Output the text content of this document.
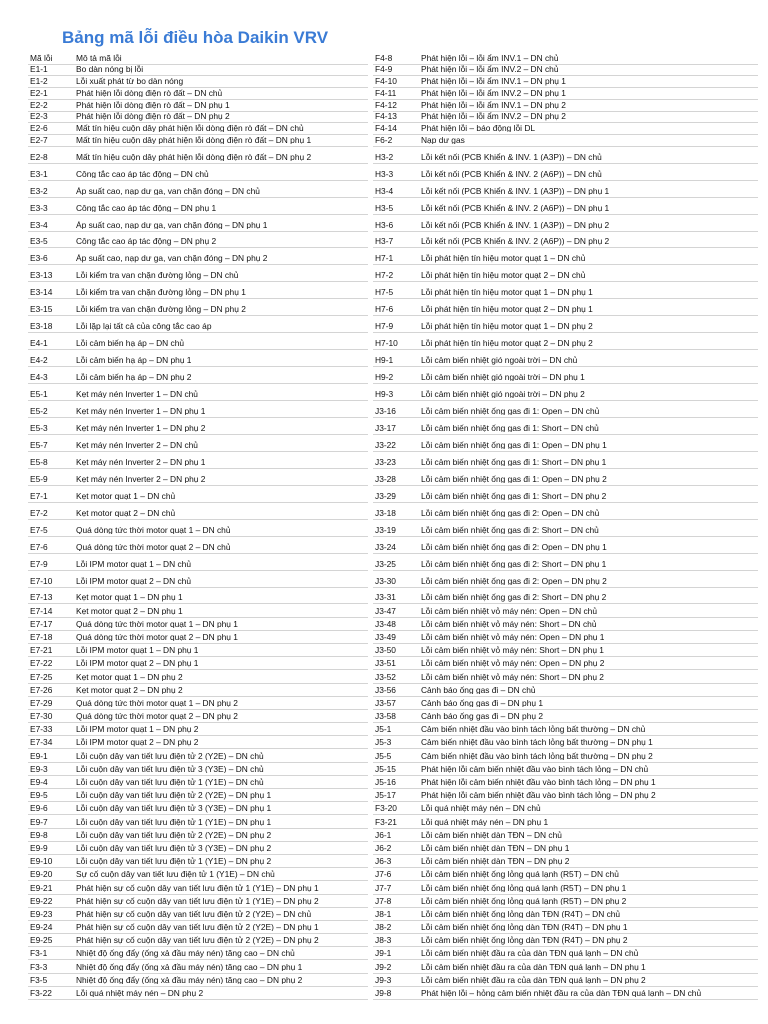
Bảng mã lỗi điều hòa Daikin VRV
Mã lỗi	Mô tả mã lỗi	F4-8	Phát hiện lỗi – lỗi ẩm INV.1 – DN chủ
E1-1	Bo dàn nóng bị lỗi	F4-9	Phát hiện lỗi – lỗi ẩm INV.2 – DN chủ
E1-2	Lỗi xuất phát từ bo dàn nóng	F4-10	Phát hiện lỗi – lỗi ẩm INV.1 – DN phụ 1
E2-1	Phát hiện lỗi dòng điện rò đất – DN chủ	F4-11	Phát hiện lỗi – lỗi ẩm INV.2 – DN phụ 1
E2-2	Phát hiện lỗi dòng điện rò đất – DN phụ 1	F4-12	Phát hiện lỗi – lỗi ẩm INV.1 – DN phụ 2
E2-3	Phát hiện lỗi dòng điện rò đất – DN phụ 2	F4-13	Phát hiện lỗi – lỗi ẩm INV.2 – DN phụ 2
E2-6	Mất tín hiệu cuộn dây phát hiện lỗi dòng điện rò đất – DN chủ	F4-14	Phát hiện lỗi – báo động lỗi DL
E2-7	Mất tín hiệu cuộn dây phát hiện lỗi dòng điện rò đất – DN phụ 1	F6-2	Nạp dư gas
E2-8	Mất tín hiệu cuộn dây phát hiện lỗi dòng điện rò đất – DN phụ 2	H3-2	Lỗi kết nối (PCB Khiển & INV. 1 (A3P)) – DN chủ
E3-1	Công tắc cao áp tác động – DN chủ	H3-3	Lỗi kết nối (PCB Khiển & INV. 2 (A6P)) – DN chủ
E3-2	Áp suất cao, nạp dư ga, van chặn đóng – DN chủ	H3-4	Lỗi kết nối (PCB Khiển & INV. 1 (A3P)) – DN phụ 1
E3-3	Công tắc cao áp tác động – DN phụ 1	H3-5	Lỗi kết nối (PCB Khiển & INV. 2 (A6P)) – DN phụ 1
E3-4	Áp suất cao, nạp dư ga, van chặn đóng – DN phụ 1	H3-6	Lỗi kết nối (PCB Khiển & INV. 1 (A3P)) – DN phụ 2
E3-5	Công tắc cao áp tác động – DN phụ 2	H3-7	Lỗi kết nối (PCB Khiển & INV. 2 (A6P)) – DN phụ 2
E3-6	Áp suất cao, nạp dư ga, van chặn đóng – DN phụ 2	H7-1	Lỗi phát hiện tín hiệu motor quạt 1 – DN chủ
E3-13	Lỗi kiểm tra van chặn đường lỏng – DN chủ	H7-2	Lỗi phát hiện tín hiệu motor quạt 2 – DN chủ
E3-14	Lỗi kiểm tra van chặn đường lỏng – DN phụ 1	H7-5	Lỗi phát hiện tín hiệu motor quạt 1 – DN phụ 1
E3-15	Lỗi kiểm tra van chặn đường lỏng – DN phụ 2	H7-6	Lỗi phát hiện tín hiệu motor quạt 2 – DN phụ 1
E3-18	Lỗi lặp lại tất cả của công tắc cao áp	H7-9	Lỗi phát hiện tín hiệu motor quạt 1 – DN phụ 2
E4-1	Lỗi cảm biến hạ áp – DN chủ	H7-10	Lỗi phát hiện tín hiệu motor quạt 2 – DN phụ 2
E4-2	Lỗi cảm biến hạ áp – DN phụ 1	H9-1	Lỗi cảm biến nhiệt gió ngoài trời – DN chủ
E4-3	Lỗi cảm biến hạ áp – DN phụ 2	H9-2	Lỗi cảm biến nhiệt gió ngoài trời – DN phụ 1
E5-1	Kẹt máy nén Inverter 1 – DN chủ	H9-3	Lỗi cảm biến nhiệt gió ngoài trời – DN phụ 2
E5-2	Kẹt máy nén Inverter 1 – DN phụ 1	J3-16	Lỗi cảm biến nhiệt ống gas đi 1: Open – DN chủ
E5-3	Kẹt máy nén Inverter 1 – DN phụ 2	J3-17	Lỗi cảm biến nhiệt ống gas đi 1: Short – DN chủ
E5-7	Kẹt máy nén Inverter 2 – DN chủ	J3-22	Lỗi cảm biến nhiệt ống gas đi 1: Open – DN phụ 1
E5-8	Kẹt máy nén Inverter 2 – DN phụ 1	J3-23	Lỗi cảm biến nhiệt ống gas đi 1: Short – DN phụ 1
E5-9	Kẹt máy nén Inverter 2 – DN phụ 2	J3-28	Lỗi cảm biến nhiệt ống gas đi 1: Open – DN phụ 2
E7-1	Kẹt motor quạt 1 – DN chủ	J3-29	Lỗi cảm biến nhiệt ống gas đi 1: Short – DN phụ 2
E7-2	Kẹt motor quạt 2 – DN chủ	J3-18	Lỗi cảm biến nhiệt ống gas đi 2: Open – DN chủ
E7-5	Quá dòng tức thời motor quạt 1 – DN chủ	J3-19	Lỗi cảm biến nhiệt ống gas đi 2: Short – DN chủ
E7-6	Quá dòng tức thời motor quạt 2 – DN chủ	J3-24	Lỗi cảm biến nhiệt ống gas đi 2: Open – DN phụ 1
E7-9	Lỗi IPM motor quạt 1 – DN chủ	J3-25	Lỗi cảm biến nhiệt ống gas đi 2: Short – DN phụ 1
E7-10	Lỗi IPM motor quạt 2 – DN chủ	J3-30	Lỗi cảm biến nhiệt ống gas đi 2: Open – DN phụ 2
E7-13	Kẹt motor quạt 1 – DN phụ 1	J3-31	Lỗi cảm biến nhiệt ống gas đi 2: Short – DN phụ 2
E7-14	Kẹt motor quạt 2 – DN phụ 1	J3-47	Lỗi cảm biến nhiệt vỏ máy nén: Open – DN chủ
E7-17	Quá dòng tức thời motor quạt 1 – DN phụ 1	J3-48	Lỗi cảm biến nhiệt vỏ máy nén: Short – DN chủ
E7-18	Quá dòng tức thời motor quạt 2 – DN phụ 1	J3-49	Lỗi cảm biến nhiệt vỏ máy nén: Open – DN phụ 1
E7-21	Lỗi IPM motor quạt 1 – DN phụ 1	J3-50	Lỗi cảm biến nhiệt vỏ máy nén: Short – DN phụ 1
E7-22	Lỗi IPM motor quạt 2 – DN phụ 1	J3-51	Lỗi cảm biến nhiệt vỏ máy nén: Open – DN phụ 2
E7-25	Kẹt motor quạt 1 – DN phụ 2	J3-52	Lỗi cảm biến nhiệt vỏ máy nén: Short – DN phụ 2
E7-26	Kẹt motor quạt 2 – DN phụ 2	J3-56	Cảnh báo ống gas đi – DN chủ
E7-29	Quá dòng tức thời motor quạt 1 – DN phụ 2	J3-57	Cảnh báo ống gas đi – DN phụ 1
E7-30	Quá dòng tức thời motor quạt 2 – DN phụ 2	J3-58	Cảnh báo ống gas đi – DN phụ 2
E7-33	Lỗi IPM motor quạt 1 – DN phụ 2	J5-1	Cảm biến nhiệt đầu vào bình tách lỏng bất thường – DN chủ
E7-34	Lỗi IPM motor quạt 2 – DN phụ 2	J5-3	Cảm biến nhiệt đầu vào bình tách lỏng bất thường – DN phụ 1
E9-1	Lỗi cuộn dây van tiết lưu điện tử 2 (Y2E) – DN chủ	J5-5	Cảm biến nhiệt đầu vào bình tách lỏng bất thường – DN phụ 2
E9-3	Lỗi cuộn dây van tiết lưu điện tử 3 (Y3E) – DN chủ	J5-15	Phát hiện lỗi cảm biến nhiệt đầu vào bình tách lỏng – DN chủ
E9-4	Lỗi cuộn dây van tiết lưu điện tử 1 (Y1E) – DN chủ	J5-16	Phát hiện lỗi cảm biến nhiệt đầu vào bình tách lỏng – DN phụ 1
E9-5	Lỗi cuộn dây van tiết lưu điện tử 2 (Y2E) – DN phụ 1	J5-17	Phát hiện lỗi cảm biến nhiệt đầu vào bình tách lỏng – DN phụ 2
E9-6	Lỗi cuộn dây van tiết lưu điện tử 3 (Y3E) – DN phụ 1	F3-20	Lỗi quá nhiệt máy nén – DN chủ
E9-7	Lỗi cuộn dây van tiết lưu điện tử 1 (Y1E) – DN phụ 1	F3-21	Lỗi quá nhiệt máy nén – DN phụ 1
E9-8	Lỗi cuộn dây van tiết lưu điện tử 2 (Y2E) – DN phụ 2	J6-1	Lỗi cảm biến nhiệt dàn TĐN – DN chủ
E9-9	Lỗi cuộn dây van tiết lưu điện tử 3 (Y3E) – DN phụ 2	J6-2	Lỗi cảm biến nhiệt dàn TĐN – DN phụ 1
E9-10	Lỗi cuộn dây van tiết lưu điện tử 1 (Y1E) – DN phụ 2	J6-3	Lỗi cảm biến nhiệt dàn TĐN – DN phụ 2
E9-20	Sự cố cuộn dây van tiết lưu điện tử 1 (Y1E) – DN chủ	J7-6	Lỗi cảm biến nhiệt ống lỏng quá lạnh (R5T) – DN chủ
E9-21	Phát hiện sự cố cuộn dây van tiết lưu điện tử 1 (Y1E) – DN phụ 1	J7-7	Lỗi cảm biến nhiệt ống lỏng quá lạnh (R5T) – DN phụ 1
E9-22	Phát hiện sự cố cuộn dây van tiết lưu điện tử 1 (Y1E) – DN phụ 2	J7-8	Lỗi cảm biến nhiệt ống lỏng quá lạnh (R5T) – DN phụ 2
E9-23	Phát hiện sự cố cuộn dây van tiết lưu điện tử 2 (Y2E) – DN chủ	J8-1	Lỗi cảm biến nhiệt ống lỏng dàn TĐN (R4T) – DN chủ
E9-24	Phát hiện sự cố cuộn dây van tiết lưu điện tử 2 (Y2E) – DN phụ 1	J8-2	Lỗi cảm biến nhiệt ống lỏng dàn TĐN (R4T) – DN phụ 1
E9-25	Phát hiện sự cố cuộn dây van tiết lưu điện tử 2 (Y2E) – DN phụ 2	J8-3	Lỗi cảm biến nhiệt ống lỏng dàn TĐN (R4T) – DN phụ 2
F3-1	Nhiệt độ ống đẩy (ống xả đầu máy nén) tăng cao – DN chủ	J9-1	Lỗi cảm biến nhiệt đầu ra của dàn TĐN quá lạnh – DN chủ
F3-3	Nhiệt độ ống đẩy (ống xả đầu máy nén) tăng cao – DN phụ 1	J9-2	Lỗi cảm biến nhiệt đầu ra của dàn TĐN quá lạnh – DN phụ 1
F3-5	Nhiệt độ ống đẩy (ống xả đầu máy nén) tăng cao – DN phụ 2	J9-3	Lỗi cảm biến nhiệt đầu ra của dàn TĐN quá lạnh – DN phụ 2
F3-22	Lỗi quá nhiệt máy nén – DN phụ 2	J9-8	Phát hiện lỗi – hỏng cảm biến nhiệt đầu ra của dàn TĐN quá lạnh – DN chủ
